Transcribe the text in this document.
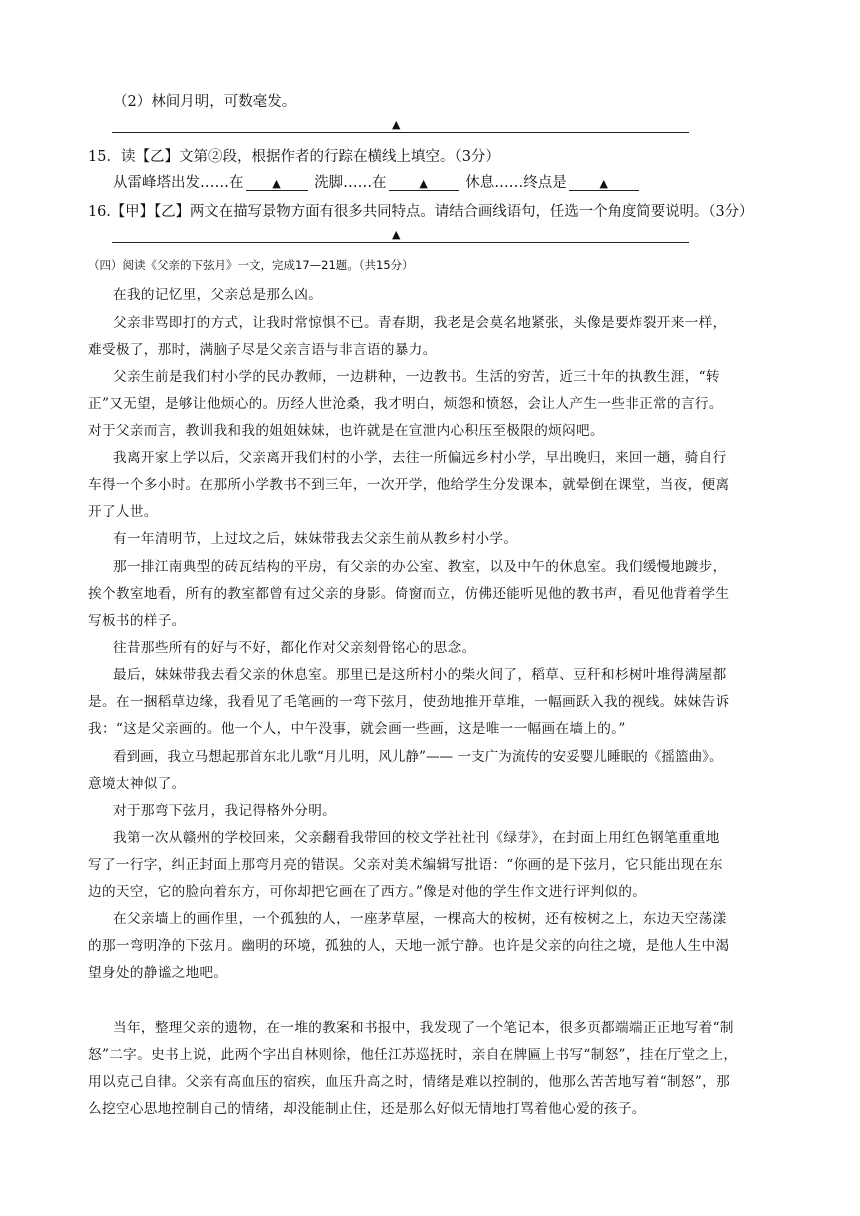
（2）林间月明，可数毫发。
▲
15．读【乙】文第②段，根据作者的行踪在横线上填空。（3分）
从雷峰塔出发……在	▲ 洗脚……在	▲	休息……终点是	▲
16.【甲】【乙】两文在描写景物方面有很多共同特点。请结合画线语句，任选一个角度简要说明。（3分）
▲
（四）阅读《父亲的下弦月》一文，完成17—21题。（共15分）
在我的记忆里，父亲总是那么凶。
父亲非骂即打的方式，让我时常惊惧不已。青春期，我老是会莫名地紧张，头像是要炸裂开来一样，
难受极了，那时，满脑子尽是父亲言语与非言语的暴力。
父亲生前是我们村小学的民办教师，一边耕种，一边教书。生活的穷苦，近三十年的执教生涯，“转
正”又无望，是够让他烦心的。历经人世沧桑，我才明白，烦怨和愤怒，会让人产生一些非正常的言行。
对于父亲而言，教训我和我的姐姐妹妹，也许就是在宣泄内心积压至极限的烦闷吧。
我离开家上学以后，父亲离开我们村的小学，去往一所偏远乡村小学，早出晚归，来回一趟，骑自行
车得一个多小时。在那所小学教书不到三年，一次开学，他给学生分发课本，就晕倒在课堂，当夜，便离
开了人世。
有一年清明节，上过坟之后，妹妹带我去父亲生前从教乡村小学。
那一排江南典型的砖瓦结构的平房，有父亲的办公室、教室，以及中午的休息室。我们缓慢地踱步，
挨个教室地看，所有的教室都曾有过父亲的身影。倚窗而立，仿佛还能听见他的教书声，看见他背着学生
写板书的样子。
往昔那些所有的好与不好，都化作对父亲刻骨铭心的思念。
最后，妹妹带我去看父亲的休息室。那里已是这所村小的柴火间了，稻草、豆秆和杉树叶堆得满屋都
是。在一捆稻草边缘，我看见了毛笔画的一弯下弦月，使劲地推开草堆，一幅画跃入我的视线。妹妹告诉
我：“这是父亲画的。他一个人，中午没事，就会画一些画，这是唯一一幅画在墙上的。”
看到画，我立马想起那首东北儿歌“月儿明，风儿静”—— 一支广为流传的安妥婴儿睡眠的《摇篮曲》。
意境太神似了。
对于那弯下弦月，我记得格外分明。
我第一次从赣州的学校回来，父亲翻看我带回的校文学社社刊《绿芽》，在封面上用红色钢笔重重地
写了一行字，纠正封面上那弯月亮的错误。父亲对美术编辑写批语：“你画的是下弦月，它只能出现在东
边的天空，它的脸向着东方，可你却把它画在了西方。”像是对他的学生作文进行评判似的。
在父亲墙上的画作里，一个孤独的人，一座茅草屋，一棵高大的桉树，还有桉树之上，东边天空荡漾
的那一弯明净的下弦月。幽明的环境，孤独的人，天地一派宁静。也许是父亲的向往之境，是他人生中渴
望身处的静谧之地吧。
当年，整理父亲的遗物，在一堆的教案和书报中，我发现了一个笔记本，很多页都端端正正地写着“制
怒”二字。史书上说，此两个字出自林则徐，他任江苏巡抚时，亲自在牌匾上书写“制怒”，挂在厅堂之上，
用以克己自律。父亲有高血压的宿疾，血压升高之时，情绪是难以控制的，他那么苦苦地写着“制怒”，那
么挖空心思地控制自己的情绪，却没能制止住，还是那么好似无情地打骂着他心爱的孩子。
